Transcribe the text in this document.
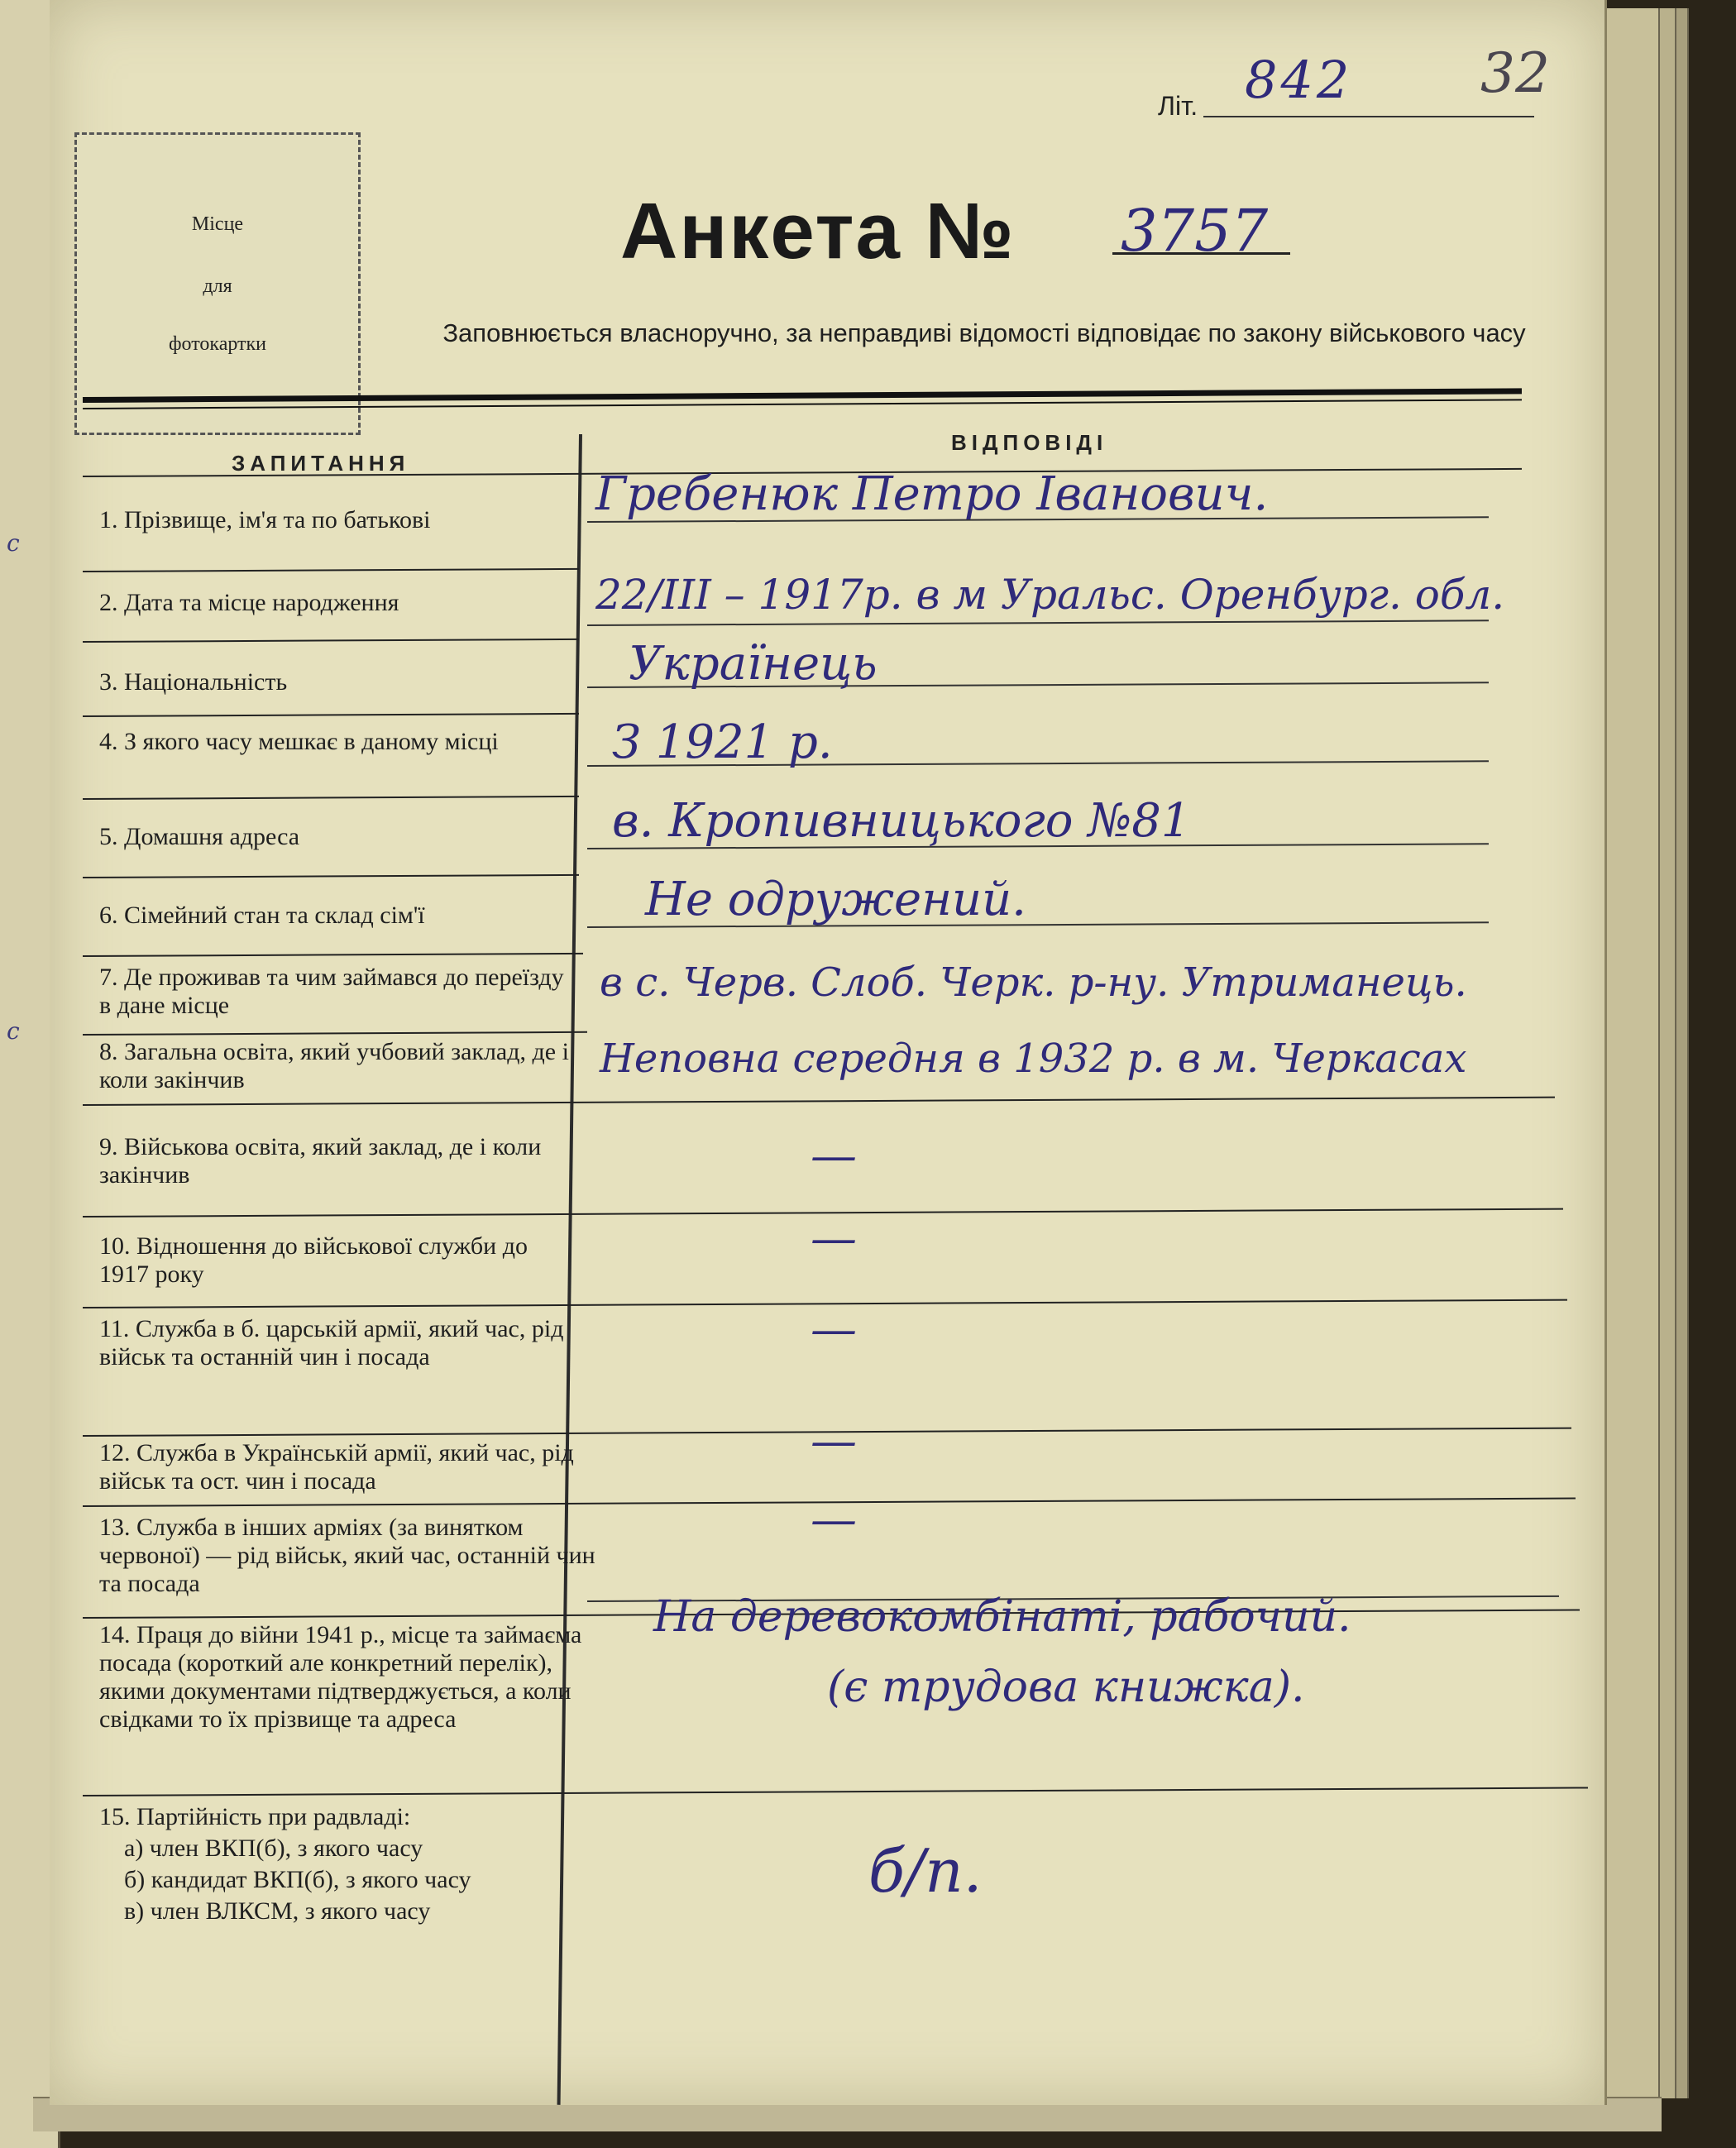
с
с
Літ. 842 32
Місце
для
фотокартки
Анкета № 3757
Заповнюється власноручно, за неправдиві відомості відповідає по закону військового часу
ЗАПИТАННЯ
ВІДПОВІДІ
1. Прізвище, ім'я та по батькові
2. Дата та місце народження
3. Національність
4. З якого часу мешкає в даному місці
5. Домашня адреса
6. Сімейний стан та склад сім'ї
7. Де проживав та чим займався до переїзду в дане місце
8. Загальна освіта, який учбовий заклад, де і коли закінчив
9. Військова освіта, який заклад, де і коли закінчив
10. Відношення до військової служби до 1917 року
11. Служба в б. царській армії, який час, рід військ та останній чин і посада
12. Служба в Українській армії, який час, рід військ та ост. чин і посада
13. Служба в інших арміях (за винятком червоної) — рід військ, який час, останній чин та посада
14. Праця до війни 1941 р., місце та займаєма посада (короткий але конкретний перелік), якими документами підтверджується, а коли свідками то їх прізвище та адреса
15. Партійність при радвладі:
а) член ВКП(б), з якого часу
б) кандидат ВКП(б), з якого часу
в) член ВЛКСМ, з якого часу
Гребенюк Петро Іванович.
22/III – 1917р. в м Уральс. Оренбург. обл.
Українець
З 1921 р.
в. Кропивницького №81
Не одружений.
в с. Черв. Слоб. Черк. р-ну. Утриманець.
Неповна середня в 1932 р. в м. Черкасах
—
—
—
—
—
На деревокомбінаті, рабочий.
(є трудова книжка).
б/п.
